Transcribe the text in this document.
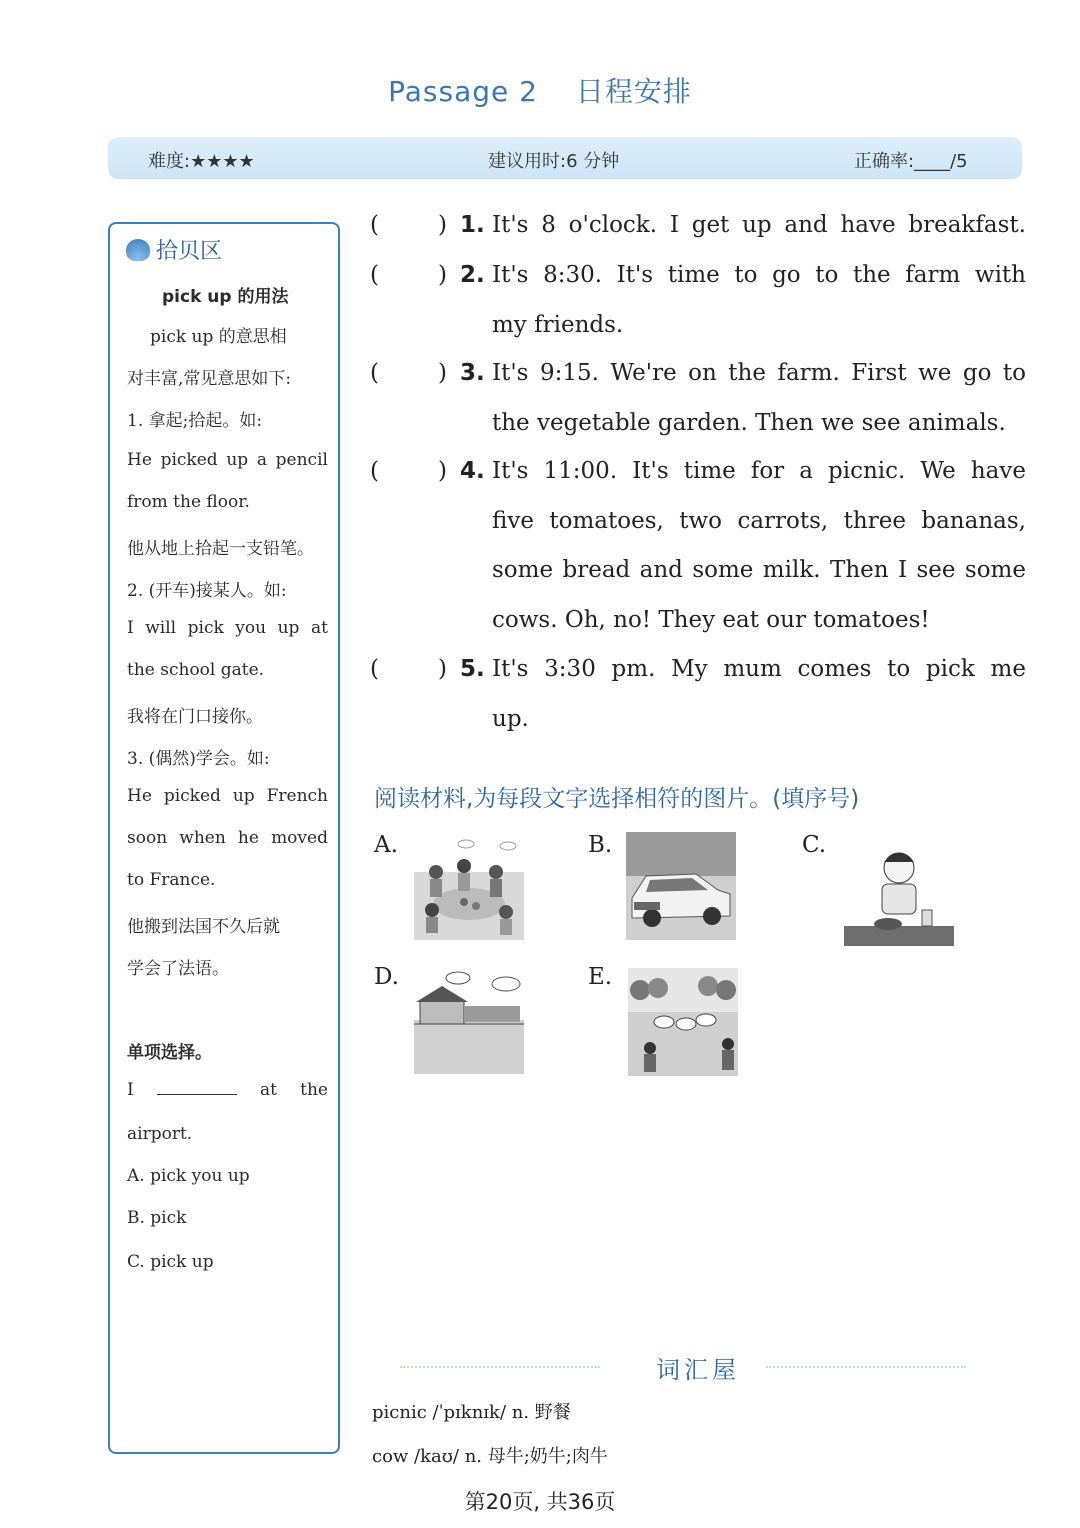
Passage 2 日程安排
难度:★★★★	建议用时:6 分钟	正确率:____/5
拾贝区
pick up 的用法
pick up 的意思相
对丰富,常见意思如下:
1. 拿起;拾起。如:
He picked up a pencil
from the floor.
他从地上拾起一支铅笔。
2. (开车)接某人。如:
I will pick you up at
the school gate.
我将在门口接你。
3. (偶然)学会。如:
He picked up French
soon when he moved
to France.
他搬到法国不久后就
学会了法语。
单项选择。
I	at the
airport.
A. pick you up
B. pick
C. pick up
(	) 1. It's 8 o'clock. I get up and have breakfast.
(	) 2. It's 8:30. It's time to go to the farm with
my friends.
(	) 3. It's 9:15. We're on the farm. First we go to
the vegetable garden. Then we see animals.
(	) 4. It's 11:00. It's time for a picnic. We have
five tomatoes, two carrots, three bananas,
some bread and some milk. Then I see some
cows. Oh, no! They eat our tomatoes!
(	) 5. It's 3:30 pm. My mum comes to pick me
up.
阅读材料,为每段文字选择相符的图片。(填序号)
A.	B.	C.
D.	E.
词汇屋
picnic /ˈpɪknɪk/ n. 野餐
cow /kaʊ/ n. 母牛;奶牛;肉牛
第20页, 共36页
